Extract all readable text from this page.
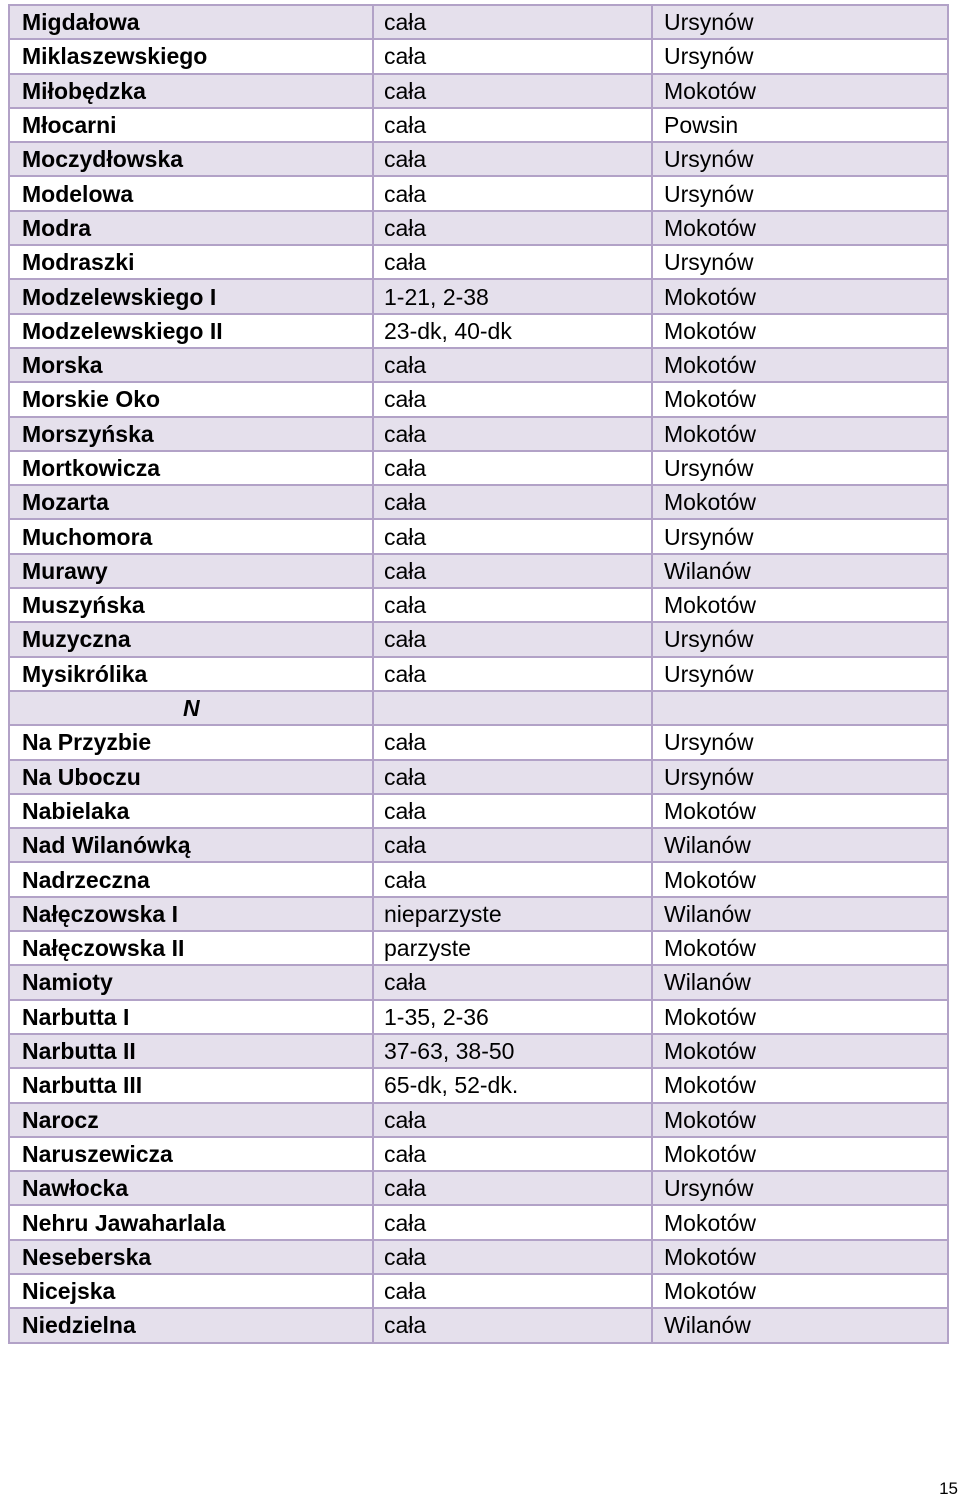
Migdałowa	cała	Ursynów
Miklaszewskiego	cała	Ursynów
Miłobędzka	cała	Mokotów
Młocarni	cała	Powsin
Moczydłowska	cała	Ursynów
Modelowa	cała	Ursynów
Modra	cała	Mokotów
Modraszki	cała	Ursynów
Modzelewskiego I	1-21, 2-38	Mokotów
Modzelewskiego II	23-dk, 40-dk	Mokotów
Morska	cała	Mokotów
Morskie Oko	cała	Mokotów
Morszyńska	cała	Mokotów
Mortkowicza	cała	Ursynów
Mozarta	cała	Mokotów
Muchomora	cała	Ursynów
Murawy	cała	Wilanów
Muszyńska	cała	Mokotów
Muzyczna	cała	Ursynów
Mysikrólika	cała	Ursynów
N		
Na Przyzbie	cała	Ursynów
Na Uboczu	cała	Ursynów
Nabielaka	cała	Mokotów
Nad Wilanówką	cała	Wilanów
Nadrzeczna	cała	Mokotów
Nałęczowska I	nieparzyste	Wilanów
Nałęczowska II	parzyste	Mokotów
Namioty	cała	Wilanów
Narbutta I	1-35, 2-36	Mokotów
Narbutta II	37-63, 38-50	Mokotów
Narbutta III	65-dk, 52-dk.	Mokotów
Narocz	cała	Mokotów
Naruszewicza	cała	Mokotów
Nawłocka	cała	Ursynów
Nehru Jawaharlala	cała	Mokotów
Neseberska	cała	Mokotów
Nicejska	cała	Mokotów
Niedzielna	cała	Wilanów
15
